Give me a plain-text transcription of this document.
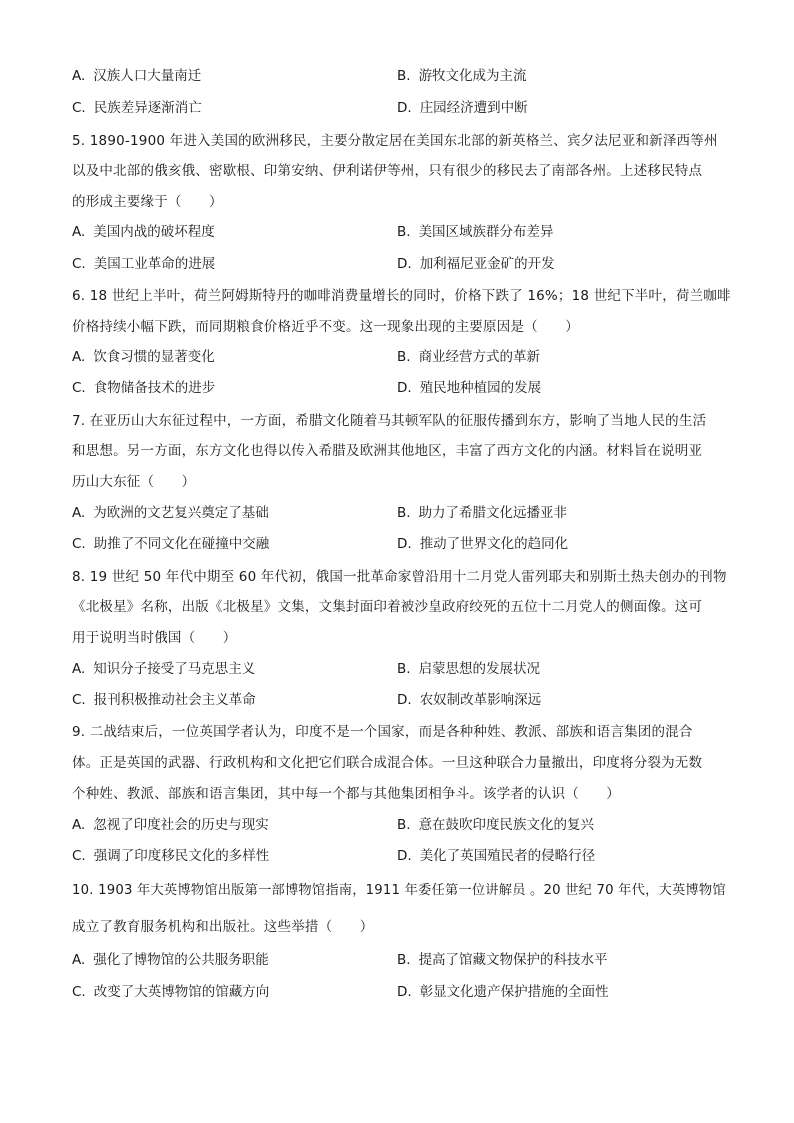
A. 汉族人口大量南迁	B. 游牧文化成为主流
C. 民族差异逐渐消亡	D. 庄园经济遭到中断
5. 1890-1900 年进入美国的欧洲移民，主要分散定居在美国东北部的新英格兰、宾夕法尼亚和新泽西等州
以及中北部的俄亥俄、密歇根、印第安纳、伊利诺伊等州，只有很少的移民去了南部各州。上述移民特点
的形成主要缘于（　　）
A. 美国内战的破坏程度	B. 美国区域族群分布差异
C. 美国工业革命的进展	D. 加利福尼亚金矿的开发
6. 18 世纪上半叶，荷兰阿姆斯特丹的咖啡消费量增长的同时，价格下跌了 16%；18 世纪下半叶，荷兰咖啡
价格持续小幅下跌，而同期粮食价格近乎不变。这一现象出现的主要原因是（　　）
A. 饮食习惯的显著变化	B. 商业经营方式的革新
C. 食物储备技术的进步	D. 殖民地种植园的发展
7. 在亚历山大东征过程中，一方面，希腊文化随着马其顿军队的征服传播到东方，影响了当地人民的生活
和思想。另一方面，东方文化也得以传入希腊及欧洲其他地区，丰富了西方文化的内涵。材料旨在说明亚
历山大东征（　　）
A. 为欧洲的文艺复兴奠定了基础	B. 助力了希腊文化远播亚非
C. 助推了不同文化在碰撞中交融	D. 推动了世界文化的趋同化
8. 19 世纪 50 年代中期至 60 年代初，俄国一批革命家曾沿用十二月党人雷列耶夫和别斯土热夫创办的刊物
《北极星》名称，出版《北极星》文集，文集封面印着被沙皇政府绞死的五位十二月党人的侧面像。这可
用于说明当时俄国（　　）
A. 知识分子接受了马克思主义	B. 启蒙思想的发展状况
C. 报刊积极推动社会主义革命	D. 农奴制改革影响深远
9. 二战结束后，一位英国学者认为，印度不是一个国家，而是各种种姓、教派、部族和语言集团的混合
体。正是英国的武器、行政机构和文化把它们联合成混合体。一旦这种联合力量撤出，印度将分裂为无数
个种姓、教派、部族和语言集团，其中每一个都与其他集团相争斗。该学者的认识（　　）
A. 忽视了印度社会的历史与现实	B. 意在鼓吹印度民族文化的复兴
C. 强调了印度移民文化的多样性	D. 美化了英国殖民者的侵略行径
10. 1903 年大英博物馆出版第一部博物馆指南，1911 年委任第一位讲解员 。20 世纪 70 年代，大英博物馆
成立了教育服务机构和出版社。这些举措（　　）
A. 强化了博物馆的公共服务职能	B. 提高了馆藏文物保护的科技水平
C. 改变了大英博物馆的馆藏方向	D. 彰显文化遗产保护措施的全面性
